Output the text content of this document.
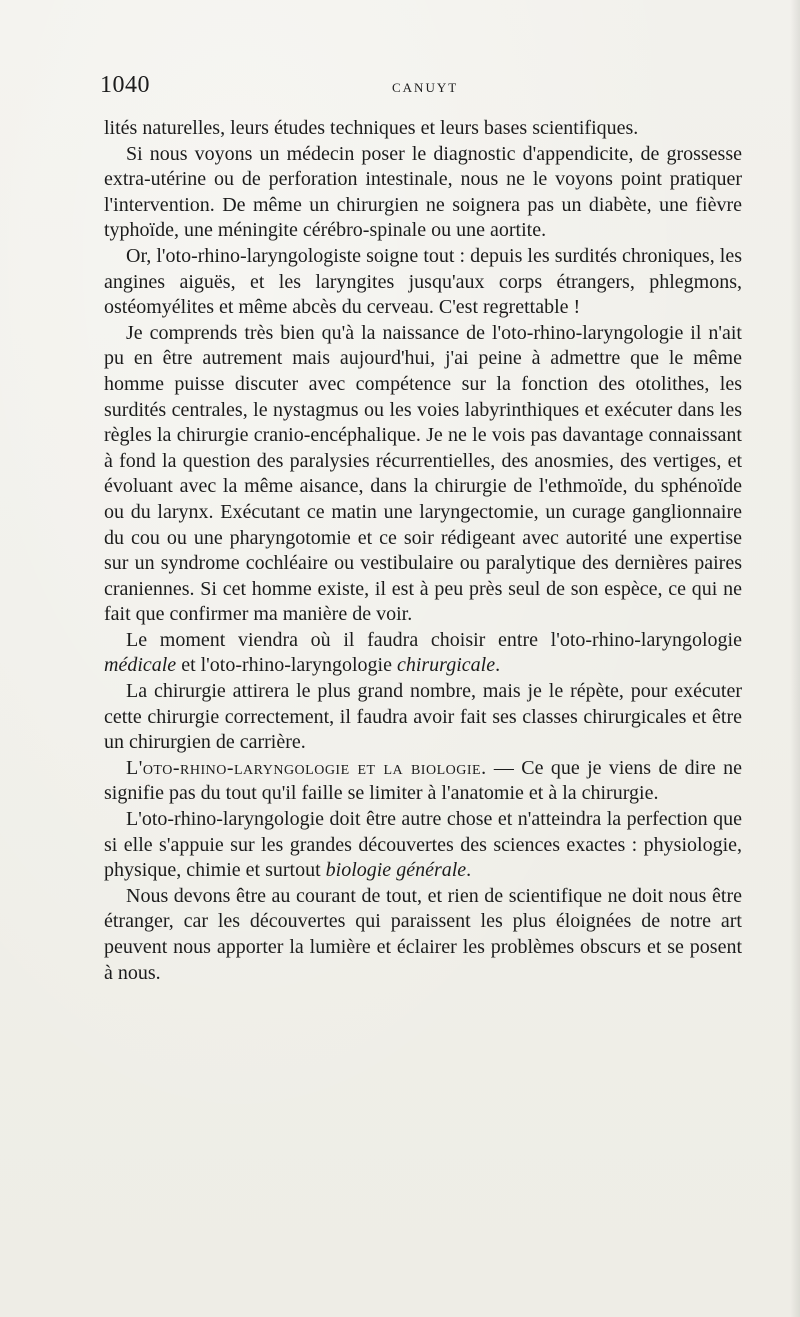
1040	CANUYT

lités naturelles, leurs études techniques et leurs bases scientifiques.

Si nous voyons un médecin poser le diagnostic d'appendicite, de grossesse extra-utérine ou de perforation intestinale, nous ne le voyons point pratiquer l'intervention. De même un chirurgien ne soignera pas un diabète, une fièvre typhoïde, une méningite cérébro-spinale ou une aortite.

Or, l'oto-rhino-laryngologiste soigne tout : depuis les surdités chroniques, les angines aiguës, et les laryngites jusqu'aux corps étrangers, phlegmons, ostéomyélites et même abcès du cerveau. C'est regrettable !

Je comprends très bien qu'à la naissance de l'oto-rhino-laryngologie il n'ait pu en être autrement mais aujourd'hui, j'ai peine à admettre que le même homme puisse discuter avec compétence sur la fonction des otolithes, les surdités centrales, le nystagmus ou les voies labyrinthiques et exécuter dans les règles la chirurgie cranio-encéphalique. Je ne le vois pas davantage connaissant à fond la question des paralysies récurrentielles, des anosmies, des vertiges, et évoluant avec la même aisance, dans la chirurgie de l'ethmoïde, du sphénoïde ou du larynx. Exécutant ce matin une laryngectomie, un curage ganglionnaire du cou ou une pharyngotomie et ce soir rédigeant avec autorité une expertise sur un syndrome cochléaire ou vestibulaire ou paralytique des dernières paires craniennes. Si cet homme existe, il est à peu près seul de son espèce, ce qui ne fait que confirmer ma manière de voir.

Le moment viendra où il faudra choisir entre l'oto-rhino-laryngologie médicale et l'oto-rhino-laryngologie chirurgicale.

La chirurgie attirera le plus grand nombre, mais je le répète, pour exécuter cette chirurgie correctement, il faudra avoir fait ses classes chirurgicales et être un chirurgien de carrière.

L'oto-rhino-laryngologie et la biologie. — Ce que je viens de dire ne signifie pas du tout qu'il faille se limiter à l'anatomie et à la chirurgie.

L'oto-rhino-laryngologie doit être autre chose et n'atteindra la perfection que si elle s'appuie sur les grandes découvertes des sciences exactes : physiologie, physique, chimie et surtout biologie générale.

Nous devons être au courant de tout, et rien de scientifique ne doit nous être étranger, car les découvertes qui paraissent les plus éloignées de notre art peuvent nous apporter la lumière et éclairer les problèmes obscurs et se posent à nous.
